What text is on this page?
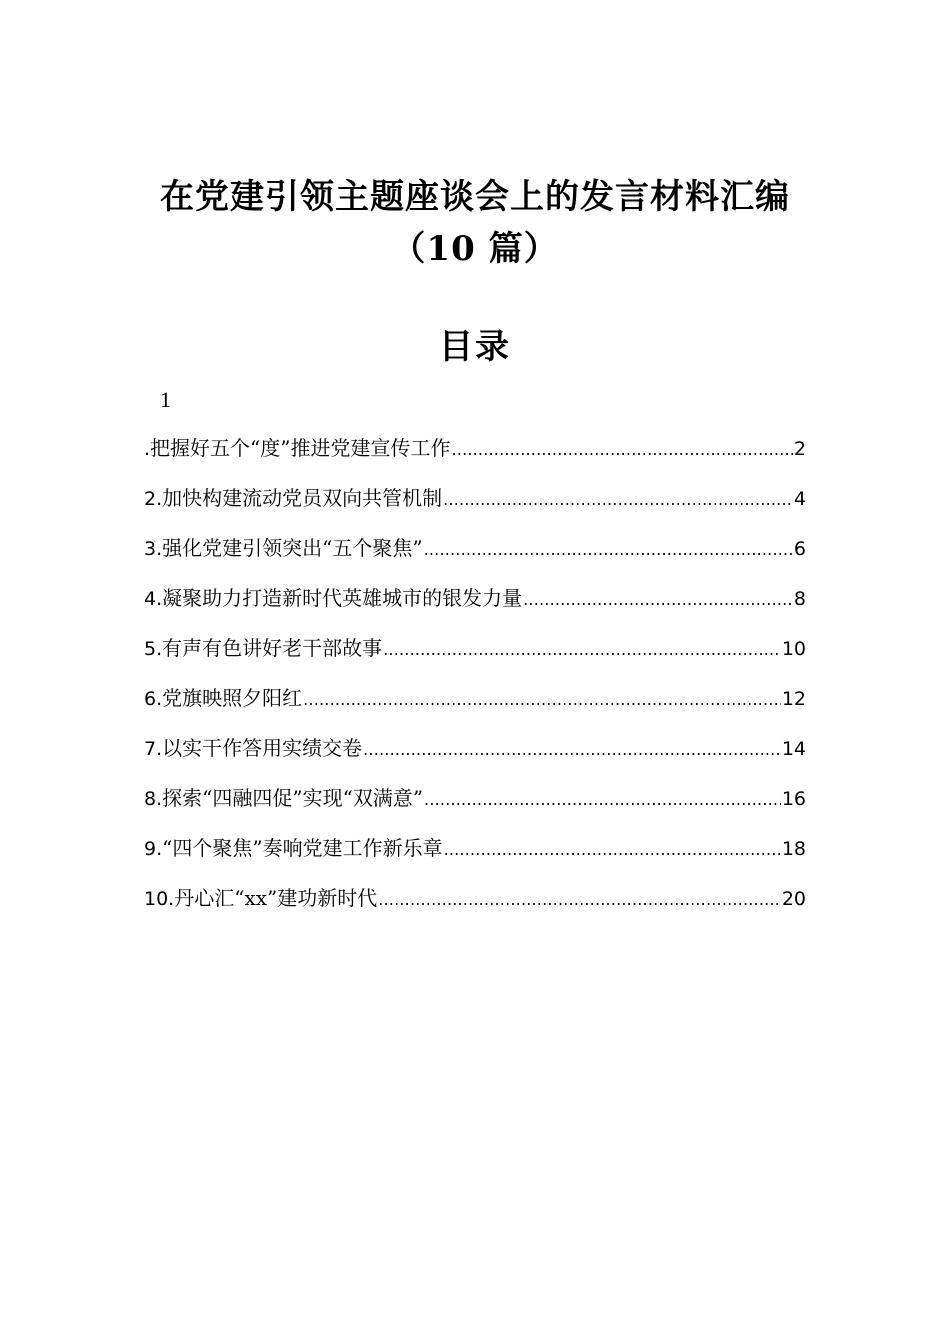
在党建引领主题座谈会上的发言材料汇编
（10 篇）
目录
1
.把握好五个“度”推进党建宣传工作 .....	2
2.加快构建流动党员双向共管机制 .....	4
3.强化党建引领突出“五个聚焦” .....	6
4.凝聚助力打造新时代英雄城市的银发力量 .....	8
5.有声有色讲好老干部故事 .....	10
6.党旗映照夕阳红 .....	12
7.以实干作答用实绩交卷 .....	14
8.探索“四融四促”实现“双满意” .....	16
9.“四个聚焦”奏响党建工作新乐章 .....	18
10.丹心汇“xx”建功新时代 .....	20
